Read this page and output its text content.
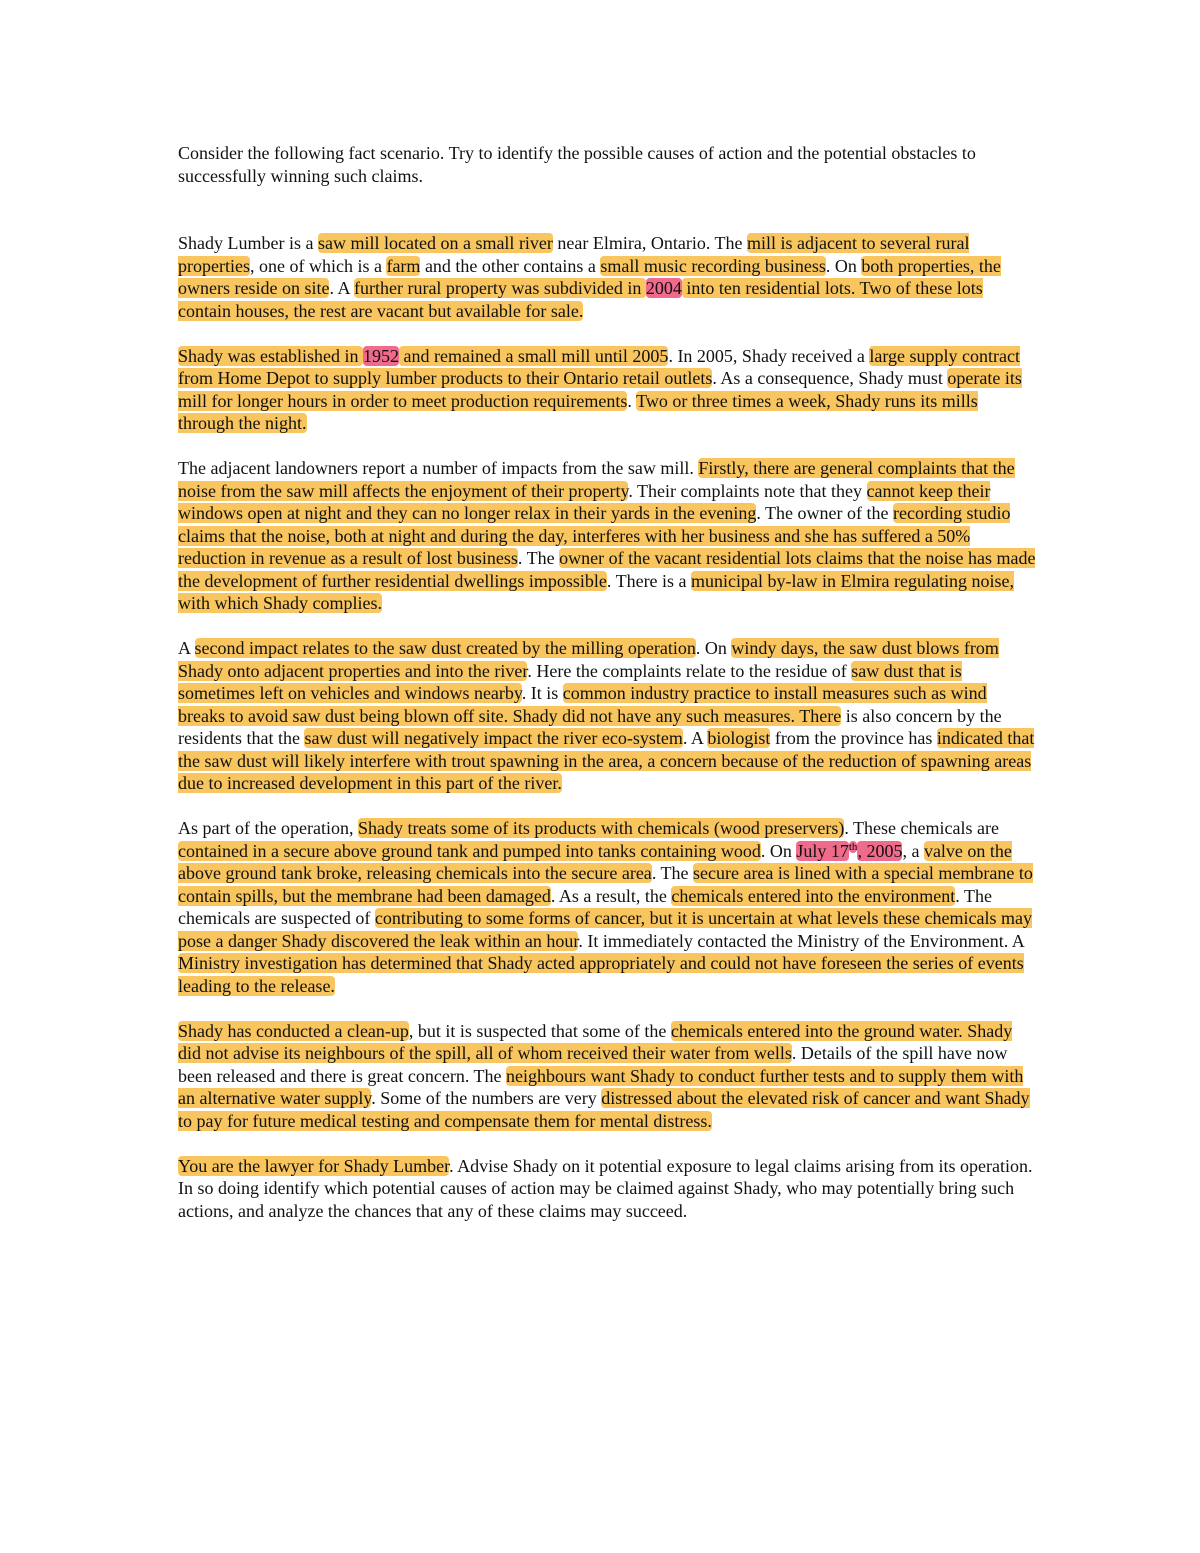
Consider the following fact scenario. Try to identify the possible causes of action and the potential obstacles to successfully winning such claims.

Shady Lumber is a saw mill located on a small river near Elmira, Ontario. The mill is adjacent to several rural properties, one of which is a farm and the other contains a small music recording business. On both properties, the owners reside on site. A further rural property was subdivided in 2004 into ten residential lots. Two of these lots contain houses, the rest are vacant but available for sale.

Shady was established in 1952 and remained a small mill until 2005. In 2005, Shady received a large supply contract from Home Depot to supply lumber products to their Ontario retail outlets. As a consequence, Shady must operate its mill for longer hours in order to meet production requirements. Two or three times a week, Shady runs its mills through the night.

The adjacent landowners report a number of impacts from the saw mill. Firstly, there are general complaints that the noise from the saw mill affects the enjoyment of their property. Their complaints note that they cannot keep their windows open at night and they can no longer relax in their yards in the evening. The owner of the recording studio claims that the noise, both at night and during the day, interferes with her business and she has suffered a 50% reduction in revenue as a result of lost business. The owner of the vacant residential lots claims that the noise has made the development of further residential dwellings impossible. There is a municipal by-law in Elmira regulating noise, with which Shady complies.

A second impact relates to the saw dust created by the milling operation. On windy days, the saw dust blows from Shady onto adjacent properties and into the river. Here the complaints relate to the residue of saw dust that is sometimes left on vehicles and windows nearby. It is common industry practice to install measures such as wind breaks to avoid saw dust being blown off site. Shady did not have any such measures. There is also concern by the residents that the saw dust will negatively impact the river eco-system. A biologist from the province has indicated that the saw dust will likely interfere with trout spawning in the area, a concern because of the reduction of spawning areas due to increased development in this part of the river.

As part of the operation, Shady treats some of its products with chemicals (wood preservers). These chemicals are contained in a secure above ground tank and pumped into tanks containing wood. On July 17th, 2005, a valve on the above ground tank broke, releasing chemicals into the secure area. The secure area is lined with a special membrane to contain spills, but the membrane had been damaged. As a result, the chemicals entered into the environment. The chemicals are suspected of contributing to some forms of cancer, but it is uncertain at what levels these chemicals may pose a danger Shady discovered the leak within an hour. It immediately contacted the Ministry of the Environment. A Ministry investigation has determined that Shady acted appropriately and could not have foreseen the series of events leading to the release.

Shady has conducted a clean-up, but it is suspected that some of the chemicals entered into the ground water. Shady did not advise its neighbours of the spill, all of whom received their water from wells. Details of the spill have now been released and there is great concern. The neighbours want Shady to conduct further tests and to supply them with an alternative water supply. Some of the numbers are very distressed about the elevated risk of cancer and want Shady to pay for future medical testing and compensate them for mental distress.

You are the lawyer for Shady Lumber. Advise Shady on it potential exposure to legal claims arising from its operation. In so doing identify which potential causes of action may be claimed against Shady, who may potentially bring such actions, and analyze the chances that any of these claims may succeed.
